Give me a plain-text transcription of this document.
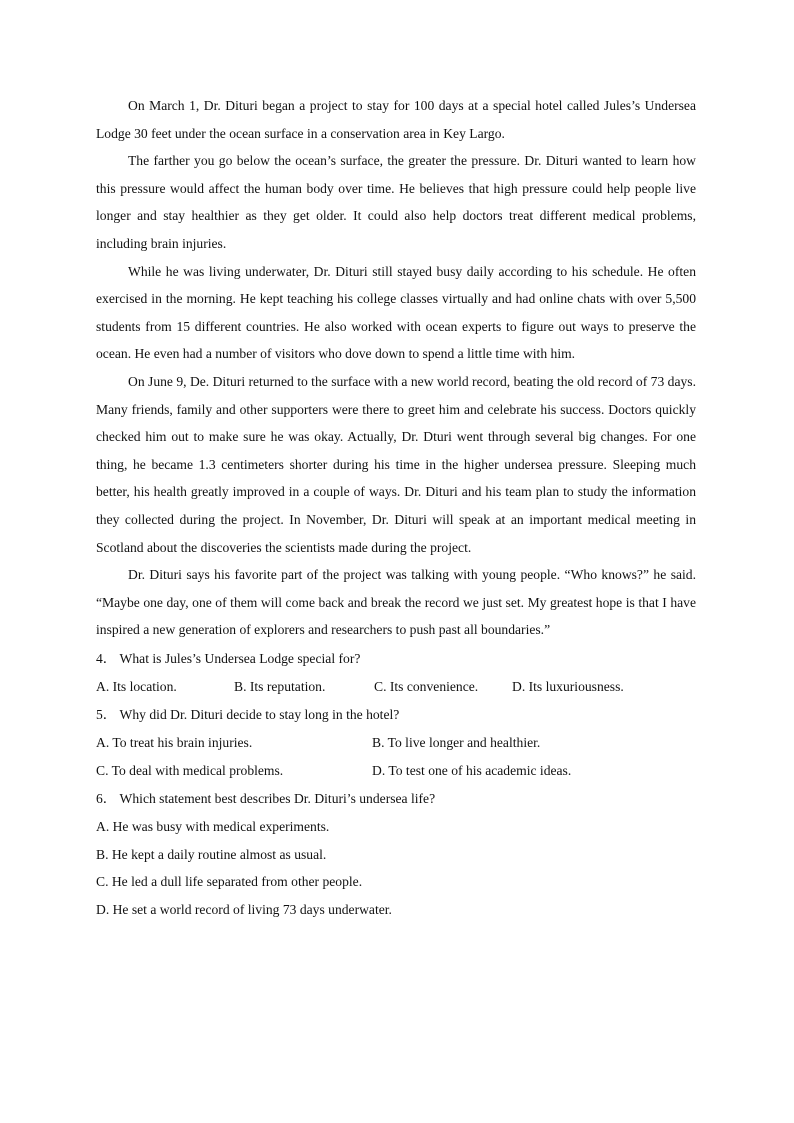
On March 1, Dr. Dituri began a project to stay for 100 days at a special hotel called Jules’s Undersea Lodge 30 feet under the ocean surface in a conservation area in Key Largo.

The farther you go below the ocean’s surface, the greater the pressure. Dr. Dituri wanted to learn how this pressure would affect the human body over time. He believes that high pressure could help people live longer and stay healthier as they get older. It could also help doctors treat different medical problems, including brain injuries.

While he was living underwater, Dr. Dituri still stayed busy daily according to his schedule. He often exercised in the morning. He kept teaching his college classes virtually and had online chats with over 5,500 students from 15 different countries. He also worked with ocean experts to figure out ways to preserve the ocean. He even had a number of visitors who dove down to spend a little time with him.

On June 9, De. Dituri returned to the surface with a new world record, beating the old record of 73 days. Many friends, family and other supporters were there to greet him and celebrate his success. Doctors quickly checked him out to make sure he was okay. Actually, Dr. Dturi went through several big changes. For one thing, he became 1.3 centimeters shorter during his time in the higher undersea pressure. Sleeping much better, his health greatly improved in a couple of ways. Dr. Dituri and his team plan to study the information they collected during the project. In November, Dr. Dituri will speak at an important medical meeting in Scotland about the discoveries the scientists made during the project.

Dr. Dituri says his favorite part of the project was talking with young people. “Who knows?” he said. “Maybe one day, one of them will come back and break the record we just set. My greatest hope is that I have inspired a new generation of explorers and researchers to push past all boundaries.”

4． What is Jules’s Undersea Lodge special for?

A. Its location.	B. Its reputation.	C. Its convenience.	D. Its luxuriousness.

5． Why did Dr. Dituri decide to stay long in the hotel?

A. To treat his brain injuries.	B. To live longer and healthier.
C. To deal with medical problems.	D. To test one of his academic ideas.

6． Which statement best describes Dr. Dituri’s undersea life?

A. He was busy with medical experiments.
B. He kept a daily routine almost as usual.
C. He led a dull life separated from other people.
D. He set a world record of living 73 days underwater.
